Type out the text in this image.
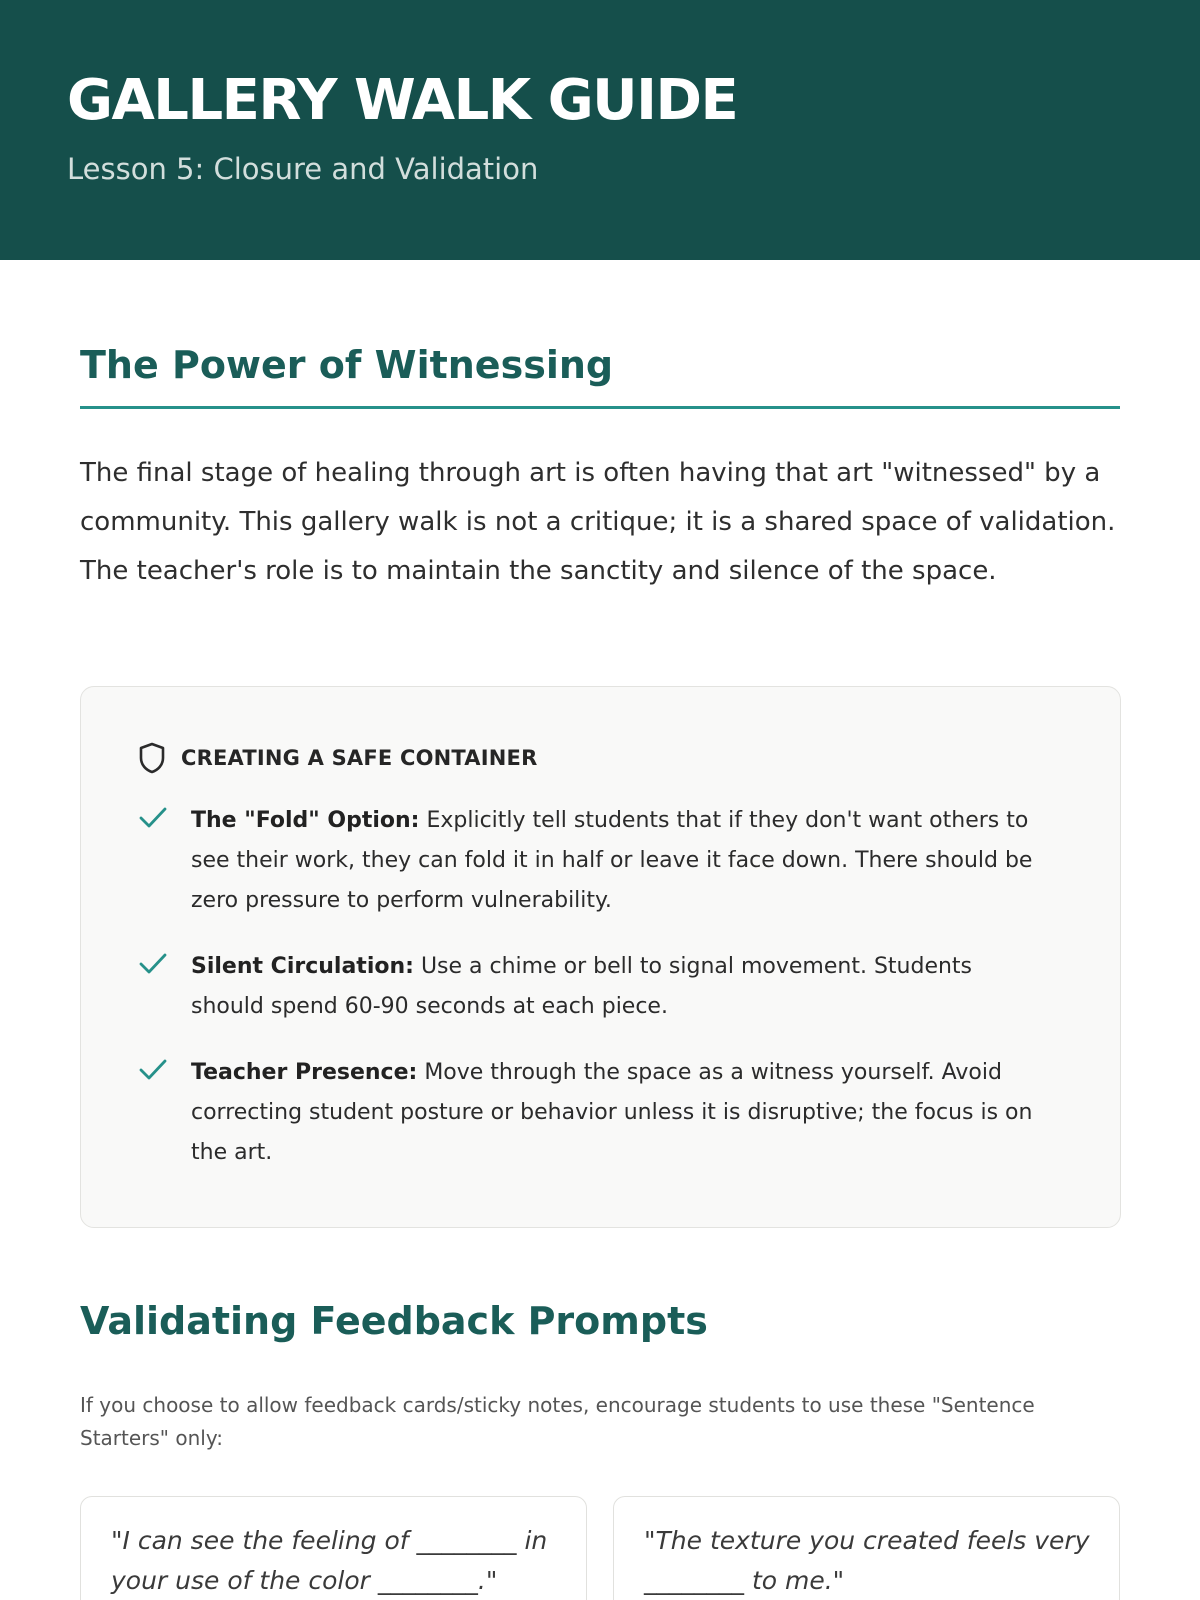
GALLERY WALK GUIDE
Lesson 5: Closure and Validation
The Power of Witnessing

The final stage of healing through art is often having that art "witnessed" by a community. This gallery walk is not a critique; it is a shared space of validation. The teacher's role is to maintain the sanctity and silence of the space.

CREATING A SAFE CONTAINER
The "Fold" Option: Explicitly tell students that if they don't want others to see their work, they can fold it in half or leave it face down. There should be zero pressure to perform vulnerability.
Silent Circulation: Use a chime or bell to signal movement. Students should spend 60-90 seconds at each piece.
Teacher Presence: Move through the space as a witness yourself. Avoid correcting student posture or behavior unless it is disruptive; the focus is on the art.
Validating Feedback Prompts

If you choose to allow feedback cards/sticky notes, encourage students to use these "Sentence Starters" only:

"I can see the feeling of ________ in your use of the color ________."
"The texture you created feels very ________ to me."
